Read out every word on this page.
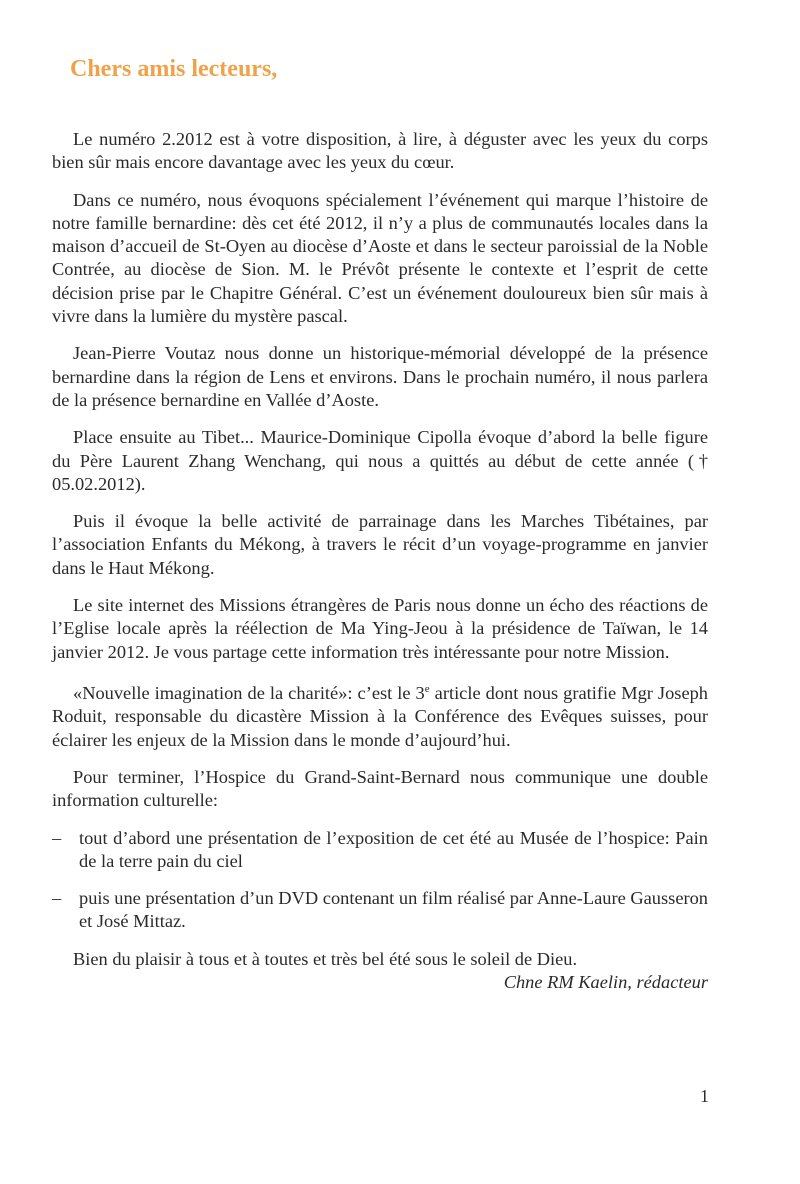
Chers amis lecteurs,

Le numéro 2.2012 est à votre disposition, à lire, à déguster avec les yeux du corps bien sûr mais encore davantage avec les yeux du cœur.

Dans ce numéro, nous évoquons spécialement l’événement qui marque l’histoire de notre famille bernardine: dès cet été 2012, il n’y a plus de communautés locales dans la maison d’accueil de St-Oyen au diocèse d’Aoste et dans le secteur paroissial de la Noble Contrée, au diocèse de Sion. M. le Prévôt présente le contexte et l’esprit de cette décision prise par le Chapitre Général. C’est un événement douloureux bien sûr mais à vivre dans la lumière du mystère pascal.

Jean-Pierre Voutaz nous donne un historique-mémorial développé de la présence bernardine dans la région de Lens et environs. Dans le prochain numéro, il nous parlera de la présence bernardine en Vallée d’Aoste.

Place ensuite au Tibet... Maurice-Dominique Cipolla évoque d’abord la belle figure du Père Laurent Zhang Wenchang, qui nous a quittés au début de cette année († 05.02.2012).

Puis il évoque la belle activité de parrainage dans les Marches Tibétaines, par l’association Enfants du Mékong, à travers le récit d’un voyage-programme en janvier dans le Haut Mékong.

Le site internet des Missions étrangères de Paris nous donne un écho des réactions de l’Eglise locale après la réélection de Ma Ying-Jeou à la présidence de Taïwan, le 14 janvier 2012. Je vous partage cette information très intéressante pour notre Mission.

«Nouvelle imagination de la charité»: c’est le 3e article dont nous gratifie Mgr Joseph Roduit, responsable du dicastère Mission à la Conférence des Evêques suisses, pour éclairer les enjeux de la Mission dans le monde d’aujourd’hui.

Pour terminer, l’Hospice du Grand-Saint-Bernard nous communique une double information culturelle:

– tout d’abord une présentation de l’exposition de cet été au Musée de l’hospice: Pain de la terre pain du ciel
– puis une présentation d’un DVD contenant un film réalisé par Anne-Laure Gausseron et José Mittaz.

Bien du plaisir à tous et à toutes et très bel été sous le soleil de Dieu.

Chne RM Kaelin, rédacteur

1
